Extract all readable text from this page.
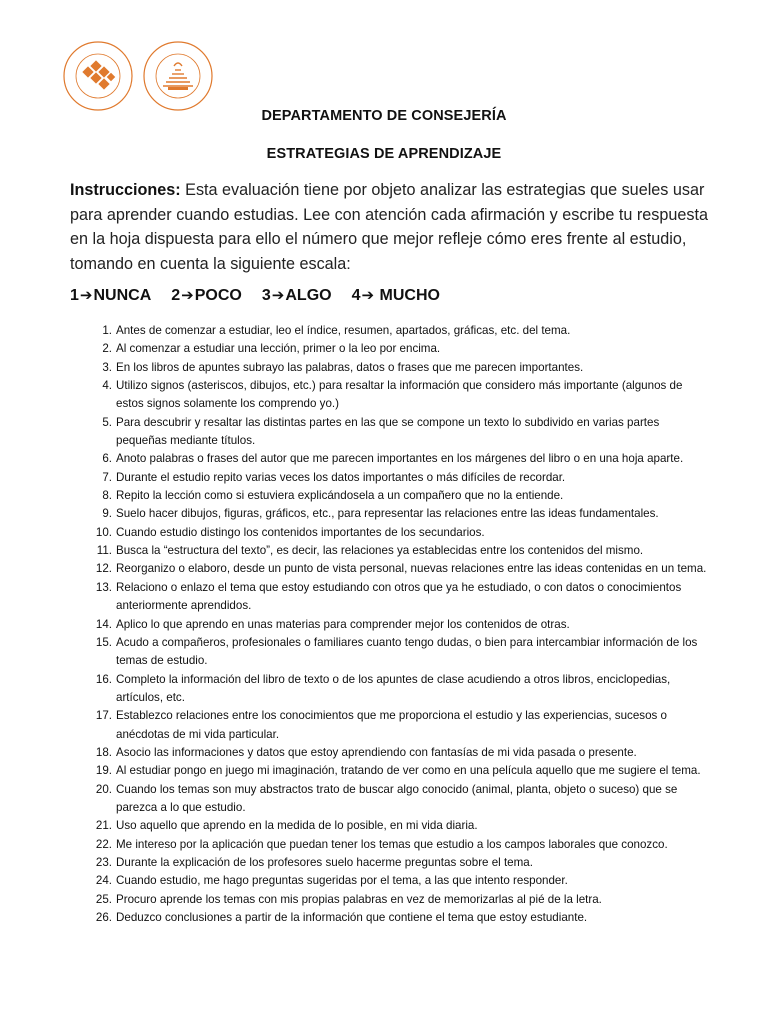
DEPARTAMENTO DE CONSEJERÍA
ESTRATEGIAS DE APRENDIZAJE
Instrucciones: Esta evaluación tiene por objeto analizar las estrategias que sueles usar para aprender cuando estudias. Lee con atención cada afirmación y escribe tu respuesta en la hoja dispuesta para ello el número que mejor refleje cómo eres frente al estudio, tomando en cuenta la siguiente escala:
1➔NUNCA 2➔POCO 3➔ALGO 4➔ MUCHO
1. Antes de comenzar a estudiar, leo el índice, resumen, apartados, gráficas, etc. del tema.
2. Al comenzar a estudiar una lección, primer o la leo por encima.
3. En los libros de apuntes subrayo las palabras, datos o frases que me parecen importantes.
4. Utilizo signos (asteriscos, dibujos, etc.) para resaltar la información que considero más importante (algunos de estos signos solamente los comprendo yo.)
5. Para descubrir y resaltar las distintas partes en las que se compone un texto lo subdivido en varias partes pequeñas mediante títulos.
6. Anoto palabras o frases del autor que me parecen importantes en los márgenes del libro o en una hoja aparte.
7. Durante el estudio repito varias veces los datos importantes o más difíciles de recordar.
8. Repito la lección como si estuviera explicándosela a un compañero que no la entiende.
9. Suelo hacer dibujos, figuras, gráficos, etc., para representar las relaciones entre las ideas fundamentales.
10. Cuando estudio distingo los contenidos importantes de los secundarios.
11. Busca la “estructura del texto”, es decir, las relaciones ya establecidas entre los contenidos del mismo.
12. Reorganizo o elaboro, desde un punto de vista personal, nuevas relaciones entre las ideas contenidas en un tema.
13. Relaciono o enlazo el tema que estoy estudiando con otros que ya he estudiado, o con datos o conocimientos anteriormente aprendidos.
14. Aplico lo que aprendo en unas materias para comprender mejor los contenidos de otras.
15. Acudo a compañeros, profesionales o familiares cuanto tengo dudas, o bien para intercambiar información de los temas de estudio.
16. Completo la información del libro de texto o de los apuntes de clase acudiendo a otros libros, enciclopedias, artículos, etc.
17. Establezco relaciones entre los conocimientos que me proporciona el estudio y las experiencias, sucesos o anécdotas de mi vida particular.
18. Asocio las informaciones y datos que estoy aprendiendo con fantasías de mi vida pasada o presente.
19. Al estudiar pongo en juego mi imaginación, tratando de ver como en una película aquello que me sugiere el tema.
20. Cuando los temas son muy abstractos trato de buscar algo conocido (animal, planta, objeto o suceso) que se parezca a lo que estudio.
21. Uso aquello que aprendo en la medida de lo posible, en mi vida diaria.
22. Me intereso por la aplicación que puedan tener los temas que estudio a los campos laborales que conozco.
23. Durante la explicación de los profesores suelo hacerme preguntas sobre el tema.
24. Cuando estudio, me hago preguntas sugeridas por el tema, a las que intento responder.
25. Procuro aprende los temas con mis propias palabras en vez de memorizarlas al pié de la letra.
26. Deduzco conclusiones a partir de la información que contiene el tema que estoy estudiante.
